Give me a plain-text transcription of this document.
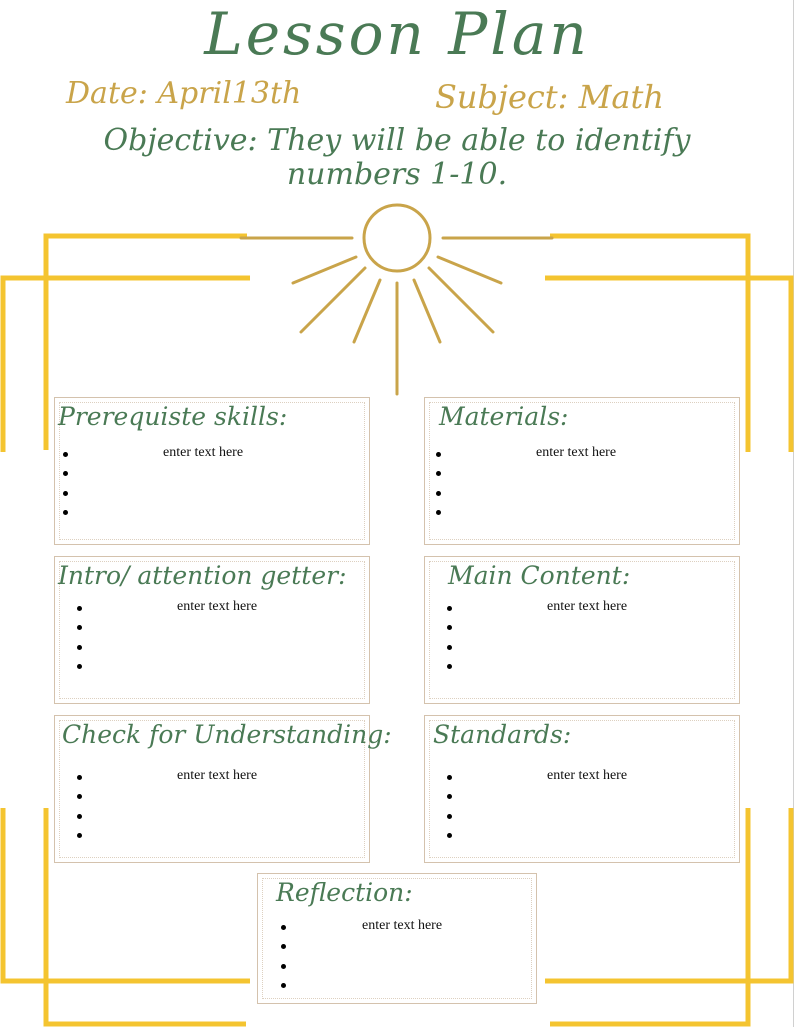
Lesson Plan
Date: April13th	Subject: Math
Objective: They will be able to identify numbers 1-10.
Prerequiste skills:
enter text here
Materials:
enter text here
Intro/ attention getter:
enter text here
Main Content:
enter text here
Check for Understanding:
enter text here
Standards:
enter text here
Reflection:
enter text here
